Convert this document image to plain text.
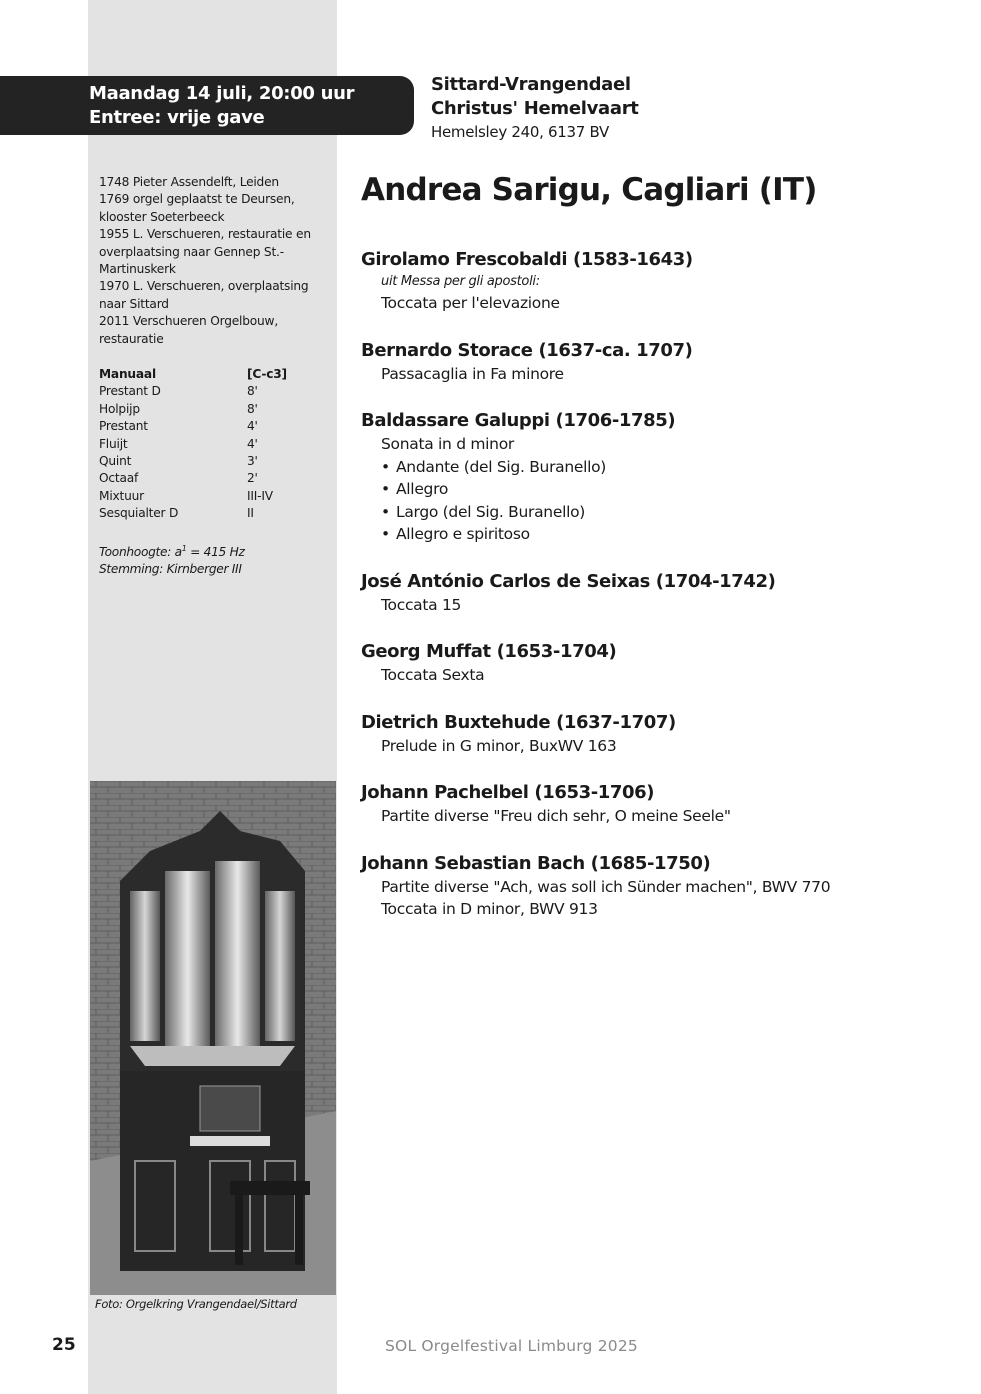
Maandag 14 juli, 20:00 uur
Entree: vrije gave
Sittard-Vrangendael
Christus' Hemelvaart
Hemelsley 240, 6137 BV
1748 Pieter Assendelft, Leiden
1769 orgel geplaatst te Deursen, klooster Soeterbeeck
1955 L. Verschueren, restauratie en overplaatsing naar Gennep St.-Martinuskerk
1970 L. Verschueren, overplaatsing naar Sittard
2011 Verschueren Orgelbouw, restauratie
Manuaal	[C-c3]
Prestant D	8'
Holpijp	8'
Prestant	4'
Fluijt	4'
Quint	3'
Octaaf	2'
Mixtuur	III-IV
Sesquialter D	II
Toonhoogte: $a^1 = 415$ Hz
Stemming: Kirnberger III
Foto: Orgelkring Vrangendael/Sittard
Andrea Sarigu, Cagliari (IT)
Girolamo Frescobaldi (1583-1643)
uit Messa per gli apostoli:
Toccata per l'elevazione
Bernardo Storace (1637-ca. 1707)
Passacaglia in Fa minore
Baldassare Galuppi (1706-1785)
Sonata in d minor
• Andante (del Sig. Buranello)
• Allegro
• Largo (del Sig. Buranello)
• Allegro e spiritoso
José António Carlos de Seixas (1704-1742)
Toccata 15
Georg Muffat (1653-1704)
Toccata Sexta
Dietrich Buxtehude (1637-1707)
Prelude in G minor, BuxWV 163
Johann Pachelbel (1653-1706)
Partite diverse "Freu dich sehr, O meine Seele"
Johann Sebastian Bach (1685-1750)
Partite diverse "Ach, was soll ich Sünder machen", BWV 770
Toccata in D minor, BWV 913
25	SOL Orgelfestival Limburg 2025
